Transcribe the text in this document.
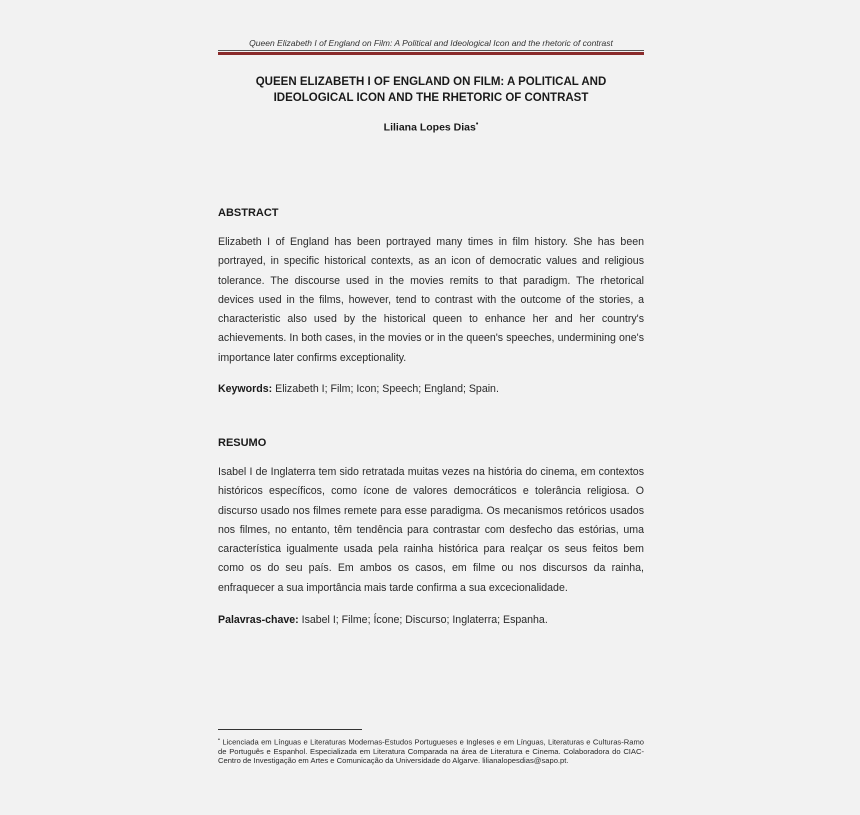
Queen Elizabeth I of England on Film: A Political and Ideological Icon and the rhetoric of contrast
QUEEN ELIZABETH I OF ENGLAND ON FILM: A POLITICAL AND IDEOLOGICAL ICON AND THE RHETORIC OF CONTRAST
Liliana Lopes Dias•
ABSTRACT
Elizabeth I of England has been portrayed many times in film history. She has been portrayed, in specific historical contexts, as an icon of democratic values and religious tolerance. The discourse used in the movies remits to that paradigm. The rhetorical devices used in the films, however, tend to contrast with the outcome of the stories, a characteristic also used by the historical queen to enhance her and her country's achievements. In both cases, in the movies or in the queen's speeches, undermining one's importance later confirms exceptionality.
Keywords: Elizabeth I; Film; Icon; Speech; England; Spain.
RESUMO
Isabel I de Inglaterra tem sido retratada muitas vezes na história do cinema, em contextos históricos específicos, como ícone de valores democráticos e tolerância religiosa. O discurso usado nos filmes remete para esse paradigma. Os mecanismos retóricos usados nos filmes, no entanto, têm tendência para contrastar com desfecho das estórias, uma característica igualmente usada pela rainha histórica para realçar os seus feitos bem como os do seu país. Em ambos os casos, em filme ou nos discursos da rainha, enfraquecer a sua importância mais tarde confirma a sua excecionalidade.
Palavras-chave: Isabel I; Filme; Ícone; Discurso; Inglaterra; Espanha.
• Licenciada em Línguas e Literaturas Modernas-Estudos Portugueses e Ingleses e em Línguas, Literaturas e Culturas-Ramo de Português e Espanhol. Especializada em Literatura Comparada na área de Literatura e Cinema. Colaboradora do CIAC-Centro de Investigação em Artes e Comunicação da Universidade do Algarve. lilianalopesdias@sapo.pt.
